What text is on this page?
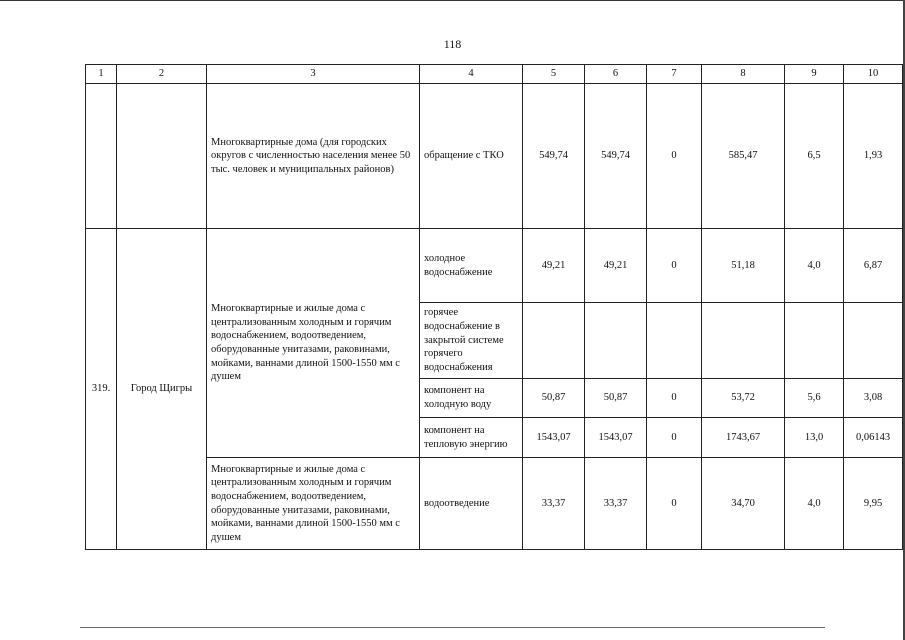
118
1	2	3	4	5	6	7	8	9	10
		Многоквартирные дома (для городских округов с численностью населения менее 50 тыс. человек и муниципальных районов)	обращение с ТКО	549,74	549,74	0	585,47	6,5	1,93
319.	Город Щигры	Многоквартирные и жилые дома с централизованным холодным и горячим водоснабжением, водоотведением, оборудованные унитазами, раковинами, мойками, ваннами длиной 1500-1550 мм с душем	холодное водоснабжение	49,21	49,21	0	51,18	4,0	6,87
			горячее водоснабжение в закрытой системе горячего водоснабжения						
			компонент на холодную воду	50,87	50,87	0	53,72	5,6	3,08
			компонент на тепловую энергию	1543,07	1543,07	0	1743,67	13,0	0,06143
		Многоквартирные и жилые дома с централизованным холодным и горячим водоснабжением, водоотведением, оборудованные унитазами, раковинами, мойками, ваннами длиной 1500-1550 мм с душем	водоотведение	33,37	33,37	0	34,70	4,0	9,95
